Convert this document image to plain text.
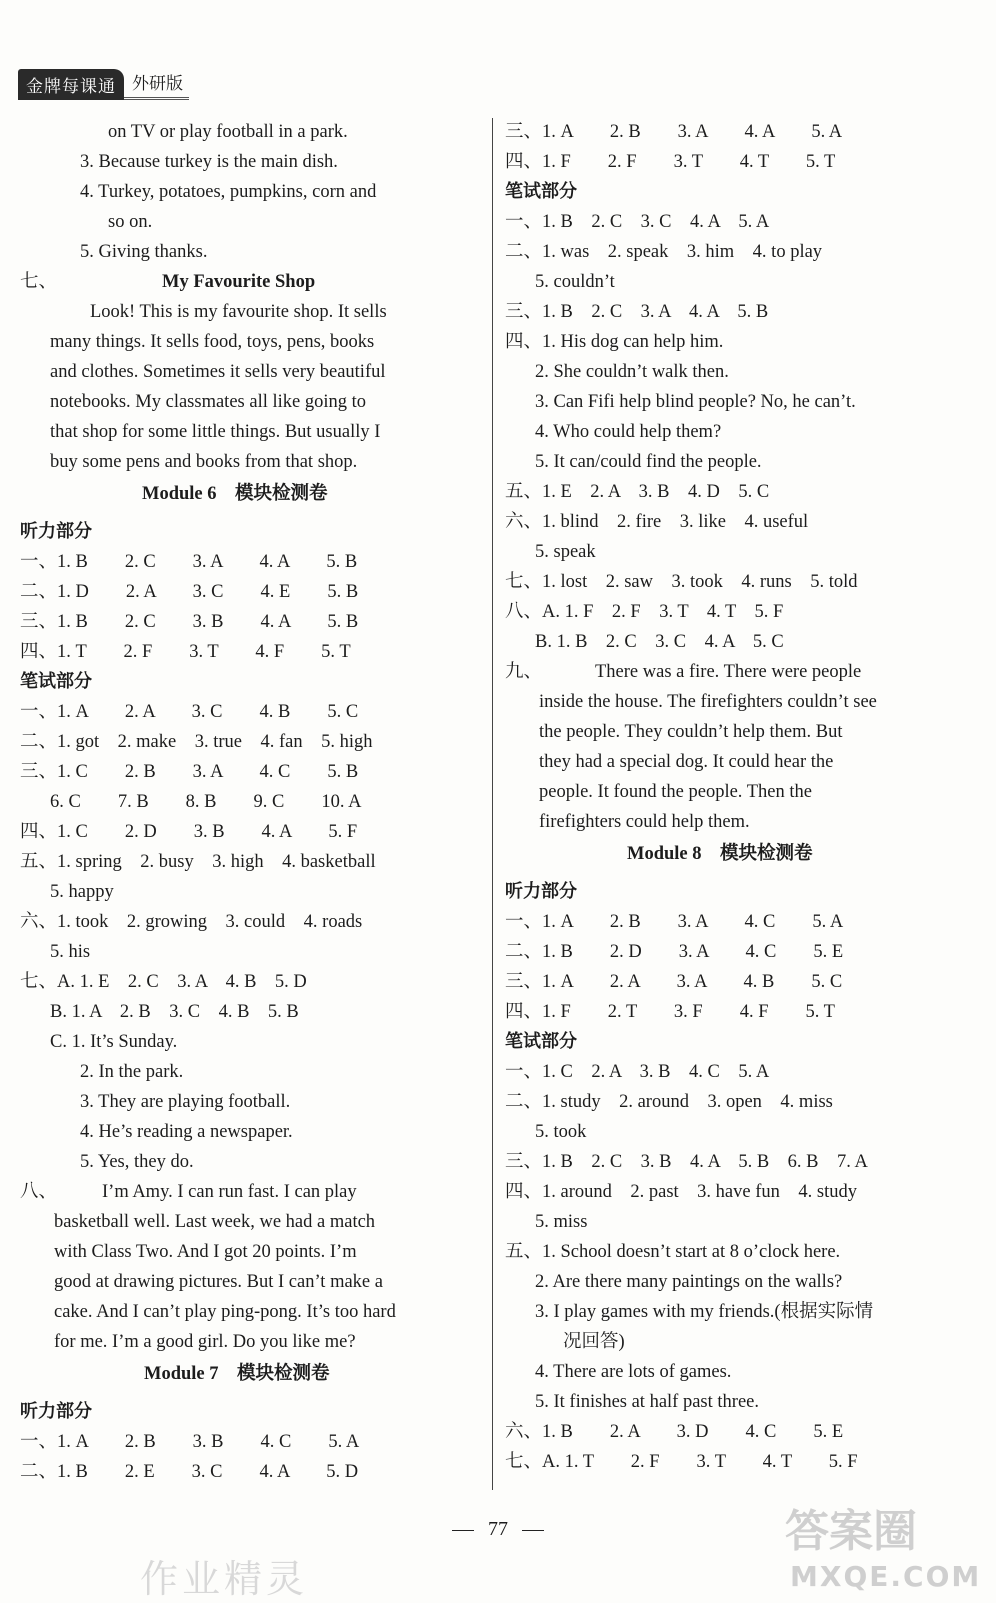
金牌每课通 外研版
on TV or play football in a park.
3. Because turkey is the main dish.
4. Turkey, potatoes, pumpkins, corn and
so on.
5. Giving thanks.
七、	My Favourite Shop
Look! This is my favourite shop. It sells
many things. It sells food, toys, pens, books
and clothes. Sometimes it sells very beautiful
notebooks. My classmates all like going to
that shop for some little things. But usually I
buy some pens and books from that shop.
Module 6　模块检测卷
听力部分
一、1. B　　2. C　　3. A　　4. A　　5. B
二、1. D　　2. A　　3. C　　4. E　　5. B
三、1. B　　2. C　　3. B　　4. A　　5. B
四、1. T　　2. F　　3. T　　4. F　　5. T
笔试部分
一、1. A　　2. A　　3. C　　4. B　　5. C
二、1. got　2. make　3. true　4. fan　5. high
三、1. C　　2. B　　3. A　　4. C　　5. B
6. C　　7. B　　8. B　　9. C　　10. A
四、1. C　　2. D　　3. B　　4. A　　5. F
五、1. spring　2. busy　3. high　4. basketball
5. happy
六、1. took　2. growing　3. could　4. roads
5. his
七、A. 1. E　2. C　3. A　4. B　5. D
B. 1. A　2. B　3. C　4. B　5. B
C. 1. It’s Sunday.
2. In the park.
3. They are playing football.
4. He’s reading a newspaper.
5. Yes, they do.
八、 I’m Amy. I can run fast. I can play
basketball well. Last week, we had a match
with Class Two. And I got 20 points. I’m
good at drawing pictures. But I can’t make a
cake. And I can’t play ping-pong. It’s too hard
for me. I’m a good girl. Do you like me?
Module 7　模块检测卷
听力部分
一、1. A　　2. B　　3. B　　4. C　　5. A
二、1. B　　2. E　　3. C　　4. A　　5. D
三、1. A　　2. B　　3. A　　4. A　　5. A
四、1. F　　2. F　　3. T　　4. T　　5. T
笔试部分
一、1. B　2. C　3. C　4. A　5. A
二、1. was　2. speak　3. him　4. to play
5. couldn’t
三、1. B　2. C　3. A　4. A　5. B
四、1. His dog can help him.
2. She couldn’t walk then.
3. Can Fifi help blind people? No, he can’t.
4. Who could help them?
5. It can/could find the people.
五、1. E　2. A　3. B　4. D　5. C
六、1. blind　2. fire　3. like　4. useful
5. speak
七、1. lost　2. saw　3. took　4. runs　5. told
八、A. 1. F　2. F　3. T　4. T　5. F
B. 1. B　2. C　3. C　4. A　5. C
九、	There was a fire. There were people
inside the house. The firefighters couldn’t see
the people. They couldn’t help them. But
they had a special dog. It could hear the
people. It found the people. Then the
firefighters could help them.
Module 8　模块检测卷
听力部分
一、1. A　　2. B　　3. A　　4. C　　5. A
二、1. B　　2. D　　3. A　　4. C　　5. E
三、1. A　　2. A　　3. A　　4. B　　5. C
四、1. F　　2. T　　3. F　　4. F　　5. T
笔试部分
一、1. C　2. A　3. B　4. C　5. A
二、1. study　2. around　3. open　4. miss
5. took
三、1. B　2. C　3. B　4. A　5. B　6. B　7. A
四、1. around　2. past　3. have fun　4. study
5. miss
五、1. School doesn’t start at 8 o’clock here.
2. Are there many paintings on the walls?
3. I play games with my friends.(根据实际情
况回答)
4. There are lots of games.
5. It finishes at half past three.
六、1. B　　2. A　　3. D　　4. C　　5. E
七、A. 1. T　　2. F　　3. T　　4. T　　5. F
77
作业精灵
答案圈
MXQE.COM
